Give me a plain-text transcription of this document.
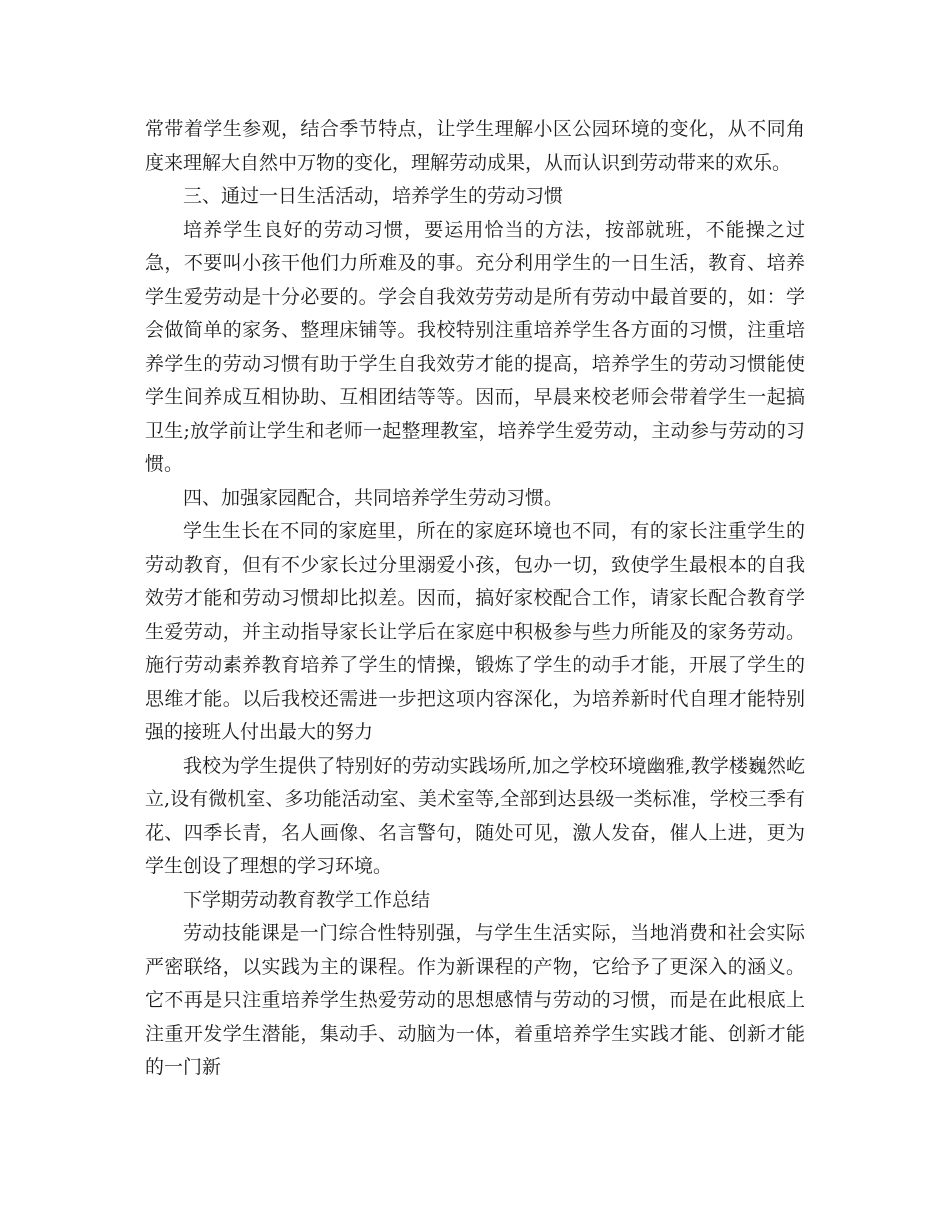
常带着学生参观，结合季节特点，让学生理解小区公园环境的变化，从不同角度来理解大自然中万物的变化，理解劳动成果，从而认识到劳动带来的欢乐。

三、通过一日生活活动，培养学生的劳动习惯

培养学生良好的劳动习惯，要运用恰当的方法，按部就班，不能操之过急，不要叫小孩干他们力所难及的事。充分利用学生的一日生活，教育、培养学生爱劳动是十分必要的。学会自我效劳劳动是所有劳动中最首要的，如：学会做简单的家务、整理床铺等。我校特别注重培养学生各方面的习惯，注重培养学生的劳动习惯有助于学生自我效劳才能的提高，培养学生的劳动习惯能使学生间养成互相协助、互相团结等等。因而，早晨来校老师会带着学生一起搞卫生;放学前让学生和老师一起整理教室，培养学生爱劳动，主动参与劳动的习惯。

四、加强家园配合，共同培养学生劳动习惯。

学生生长在不同的家庭里，所在的家庭环境也不同，有的家长注重学生的劳动教育，但有不少家长过分里溺爱小孩，包办一切，致使学生最根本的自我效劳才能和劳动习惯却比拟差。因而，搞好家校配合工作，请家长配合教育学生爱劳动，并主动指导家长让学后在家庭中积极参与些力所能及的家务劳动。施行劳动素养教育培养了学生的情操，锻炼了学生的动手才能，开展了学生的思维才能。以后我校还需进一步把这项内容深化，为培养新时代自理才能特别强的接班人付出最大的努力

我校为学生提供了特别好的劳动实践场所,加之学校环境幽雅,教学楼巍然屹立,设有微机室、多功能活动室、美术室等,全部到达县级一类标准，学校三季有花、四季长青，名人画像、名言警句，随处可见，激人发奋，催人上进，更为学生创设了理想的学习环境。

下学期劳动教育教学工作总结

劳动技能课是一门综合性特别强，与学生生活实际，当地消费和社会实际严密联络，以实践为主的课程。作为新课程的产物，它给予了更深入的涵义。它不再是只注重培养学生热爱劳动的思想感情与劳动的习惯，而是在此根底上注重开发学生潜能，集动手、动脑为一体，着重培养学生实践才能、创新才能的一门新
